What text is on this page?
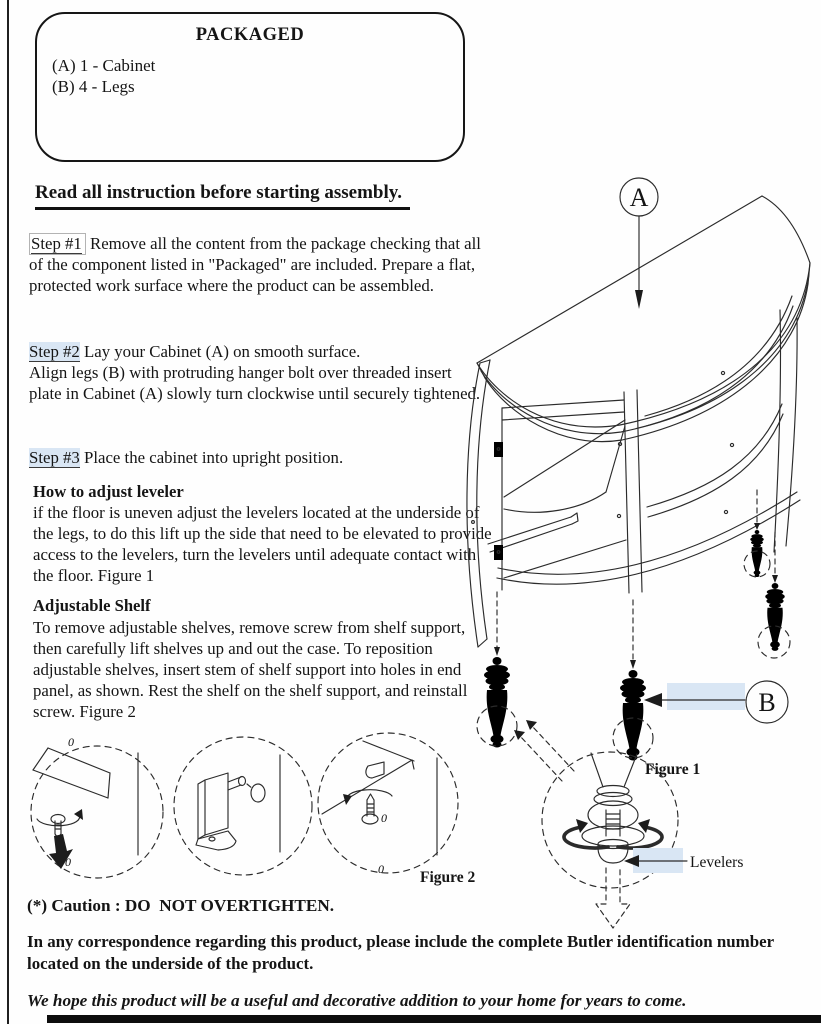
PACKAGED
(A) 1 - Cabinet
(B) 4 - Legs
Read all instruction before starting assembly.

Step #1 Remove all the content from the package checking that all of the component listed in "Packaged" are included. Prepare a flat, protected work surface where the product can be assembled.

Step #2 Lay your Cabinet (A) on smooth surface.
Align legs (B) with protruding hanger bolt over threaded insert plate in Cabinet (A) slowly turn clockwise until securely tightened.

Step #3 Place the cabinet into upright position.

How to adjust leveler

if the floor is uneven adjust the levelers located at the underside of the legs, to do this lift up the side that need to be elevated to provide access to the levelers, turn the levelers until adequate contact with the floor. Figure 1

Adjustable Shelf

To remove adjustable shelves, remove screw from shelf support, then carefully lift shelves up and out the case. To reposition adjustable shelves, insert stem of shelf support into holes in end panel, as shown. Rest the shelf on the shelf support, and reinstall screw. Figure 2

A
B
Figure 1
Levelers
0
0
0
0 Figure 2

(*) Caution : DO  NOT OVERTIGHTEN.

In any correspondence regarding this product, please include the complete Butler identification number located on the underside of the product.

We hope this product will be a useful and decorative addition to your home for years to come.
